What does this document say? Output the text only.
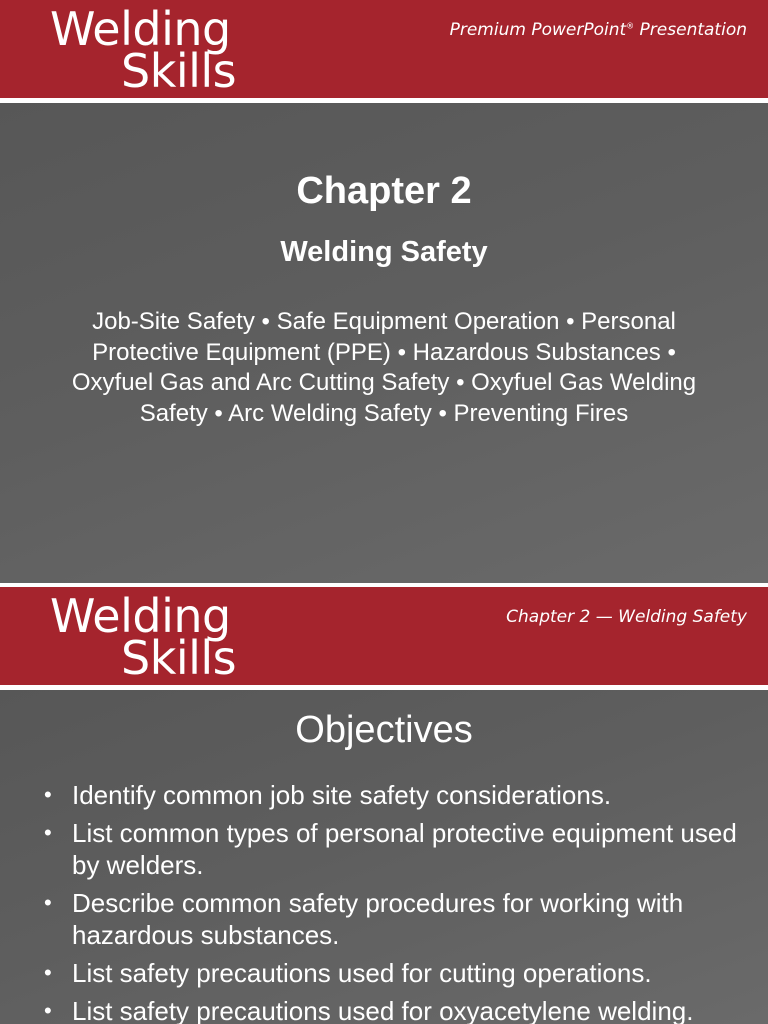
Welding
Skills
Premium PowerPoint® Presentation
Chapter 2
Welding Safety
Job-Site Safety • Safe Equipment Operation • Personal Protective Equipment (PPE) • Hazardous Substances • Oxyfuel Gas and Arc Cutting Safety • Oxyfuel Gas Welding Safety • Arc Welding Safety • Preventing Fires
Welding
Skills
Chapter 2 — Welding Safety
Objectives
• Identify common job site safety considerations.
• List common types of personal protective equipment used by welders.
• Describe common safety procedures for working with hazardous substances.
• List safety precautions used for cutting operations.
• List safety precautions used for oxyacetylene welding.
